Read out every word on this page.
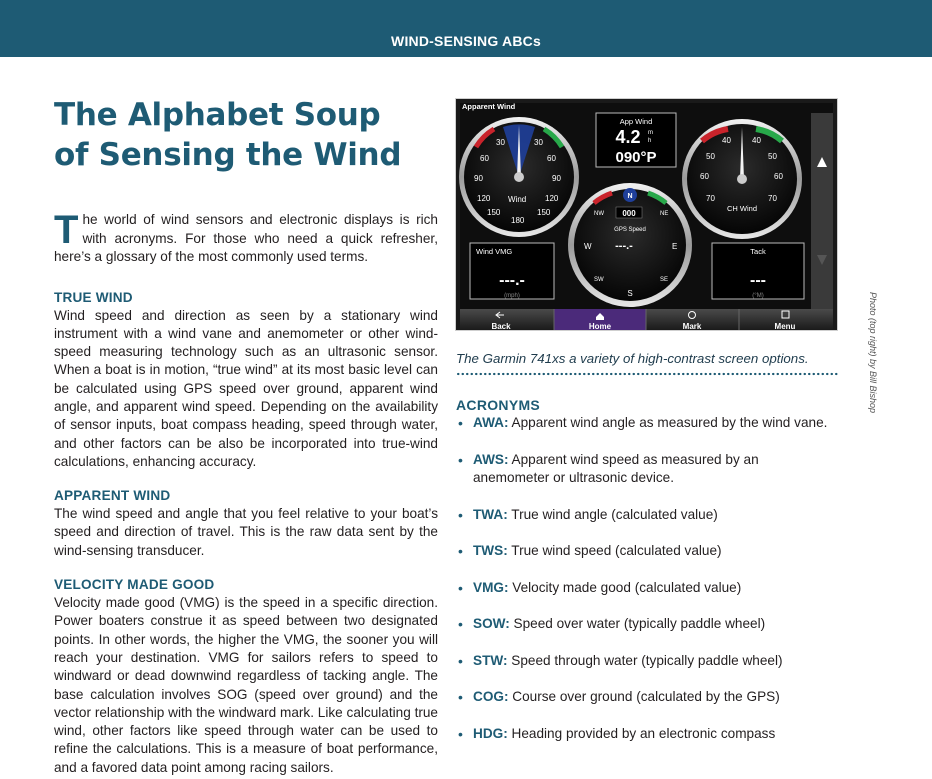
WIND-SENSING ABCs
The Alphabet Soup
of Sensing the Wind

The world of wind sensors and electronic displays is rich with acronyms. For those who need a quick refresher, here’s a glossary of the most commonly used terms.

TRUE WIND

Wind speed and direction as seen by a stationary wind instrument with a wind vane and anemometer or other wind-speed measuring technology such as an ultrasonic sensor. When a boat is in motion, “true wind” at its most basic level can be calculated using GPS speed over ground, apparent wind angle, and apparent wind speed. Depending on the availability of sensor inputs, boat compass heading, speed through water, and other factors can be also be incorporated into true-wind calculations, enhancing accuracy.

APPARENT WIND

The wind speed and angle that you feel relative to your boat’s speed and direction of travel. This is the raw data sent by the wind-sensing transducer.

VELOCITY MADE GOOD

Velocity made good (VMG) is the speed in a specific direction. Power boaters construe it as speed between two designated points. In other words, the higher the VMG, the sooner you will reach your destination. VMG for sailors refers to speed to windward or dead downwind regardless of tacking angle. The base calculation involves SOG (speed over ground) and the vector relationship with the windward mark. Like calculating true wind, other factors like speed through water can be used to refine the calculations. This is a measure of boat performance, and a favored data point among racing sailors.

Apparent Wind
30	30
60	60
90	90
120	120
150	150
180
Wind
App Wind
4.2 m
h
090°P
40	40
50	50
60	60
70	70
CH Wind
N
NE
E
SE
S
SW
W
NW 000
GPS Speed
---.-
Wind VMG
---.-
(mph)
Tack
---
(°M)
Back	Home	Mark	Menu
The Garmin 741xs a variety of high-contrast screen options.	Photo (top right) by Bill Bishop
ACRONYMS
• AWA: Apparent wind angle as measured by the wind vane.
• AWS: Apparent wind speed as measured by an anemometer or ultrasonic device.
• TWA: True wind angle (calculated value)
• TWS: True wind speed (calculated value)
• VMG: Velocity made good (calculated value)
• SOW: Speed over water (typically paddle wheel)
• STW: Speed through water (typically paddle wheel)
• COG: Course over ground (calculated by the GPS)
• HDG: Heading provided by an electronic compass
